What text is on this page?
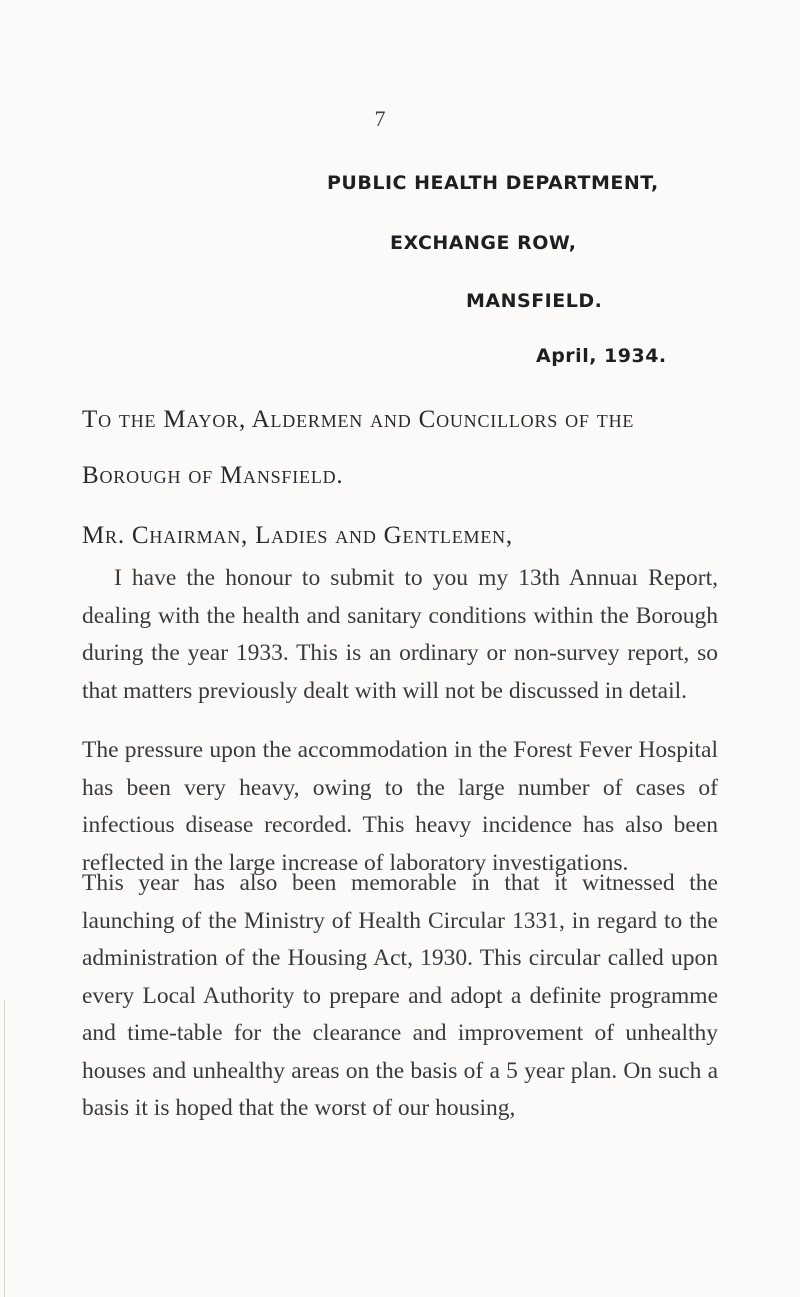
7
PUBLIC HEALTH DEPARTMENT,
EXCHANGE ROW,
MANSFIELD.
April, 1934.
To the Mayor, Aldermen and Councillors of the
Borough of Mansfield.
Mr. Chairman, Ladies and Gentlemen,

I have the honour to submit to you my 13th Annuaı Report, dealing with the health and sanitary conditions within the Borough during the year 1933. This is an ordinary or non-survey report, so that matters previously dealt with will not be discussed in detail.

The pressure upon the accommodation in the Forest Fever Hospital has been very heavy, owing to the large number of cases of infectious disease recorded. This heavy incidence has also been reflected in the large increase of laboratory investigations.

This year has also been memorable in that it witnessed the launching of the Ministry of Health Circular 1331, in regard to the administration of the Housing Act, 1930. This circular called upon every Local Authority to prepare and adopt a definite programme and time-table for the clearance and improvement of unhealthy houses and unhealthy areas on the basis of a 5 year plan. On such a basis it is hoped that the worst of our housing,
